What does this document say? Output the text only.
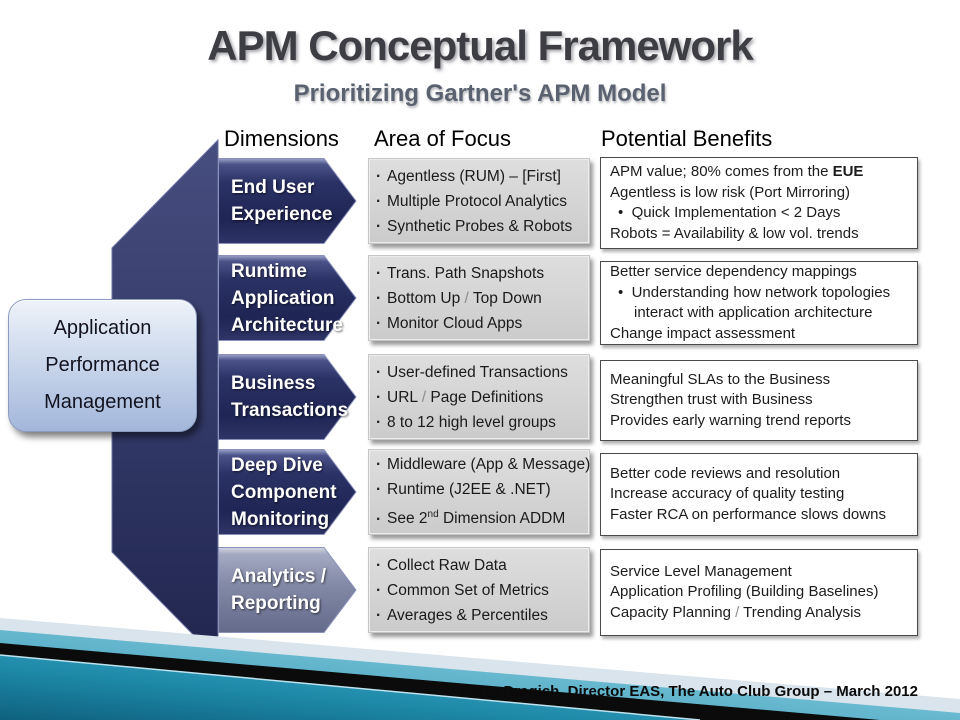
APM Conceptual Framework
Prioritizing Gartner's APM Model
Dimensions Area of Focus	Potential Benefits
Application
Performance
Management
End User
Experience
· Agentless (RUM) – [First]
· Multiple Protocol Analytics
· Synthetic Probes & Robots
APM value; 80% comes from the EUE
Agentless is low risk (Port Mirroring)
•  Quick Implementation < 2 Days
Robots = Availability & low vol. trends
Runtime
Application
Architecture
· Trans. Path Snapshots
· Bottom Up / Top Down
· Monitor Cloud Apps
Better service dependency mappings
•  Understanding how network topologies interact with application architecture
Change impact assessment
Business
Transactions
· User-defined Transactions
· URL / Page Definitions
· 8 to 12 high level groups
Meaningful SLAs to the Business
Strengthen trust with Business
Provides early warning trend reports
Deep Dive
Component
Monitoring
· Middleware (App & Message)
· Runtime (J2EE & .NET)
· See 2nd Dimension ADDM
Better code reviews and resolution
Increase accuracy of quality testing
Faster RCA on performance slows downs
Analytics /
Reporting
· Collect Raw Data
· Common Set of Metrics
· Averages & Percentiles
Service Level Management
Application Profiling (Building Baselines)
Capacity Planning / Trending Analysis
Larry Dragich, Director EAS, The Auto Club Group – March 2012
